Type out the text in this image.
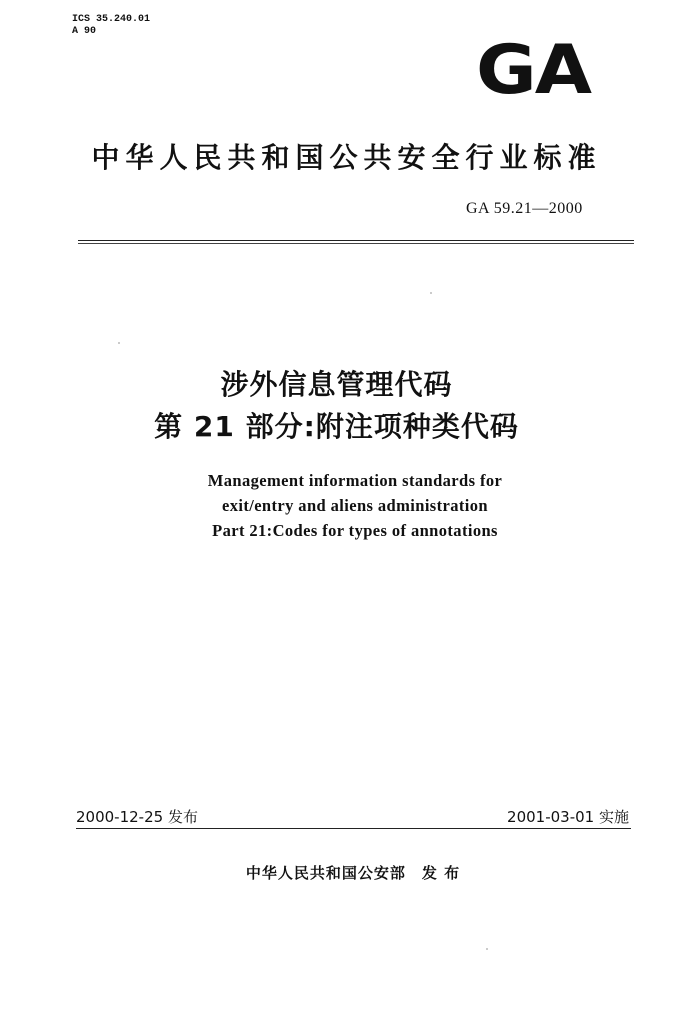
ICS 35.240.01
A 90	GA
中华人民共和国公共安全行业标准
GA 59.21—2000
涉外信息管理代码
第 21 部分:附注项种类代码
Management information standards for
exit/entry and aliens administration
Part 21:Codes for types of annotations
2000-12-25 发布	2001-03-01 实施
中华人民共和国公安部 发 布
